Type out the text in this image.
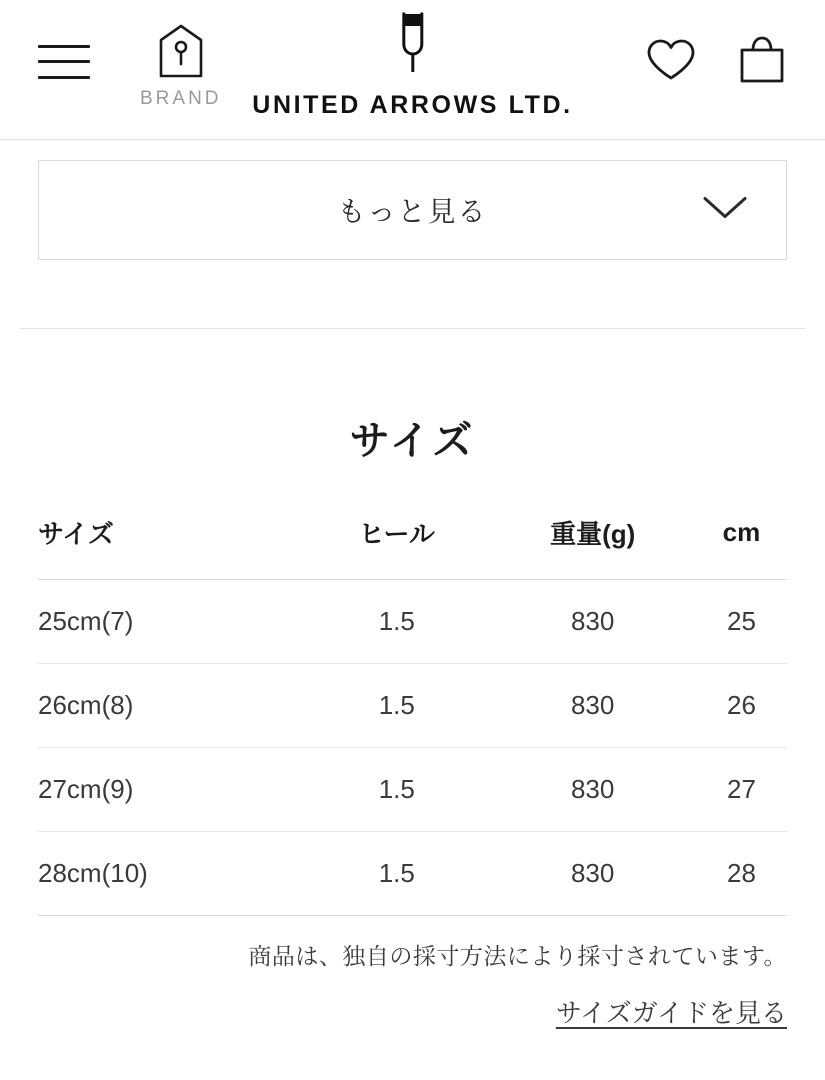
BRAND UNITED ARROWS LTD.
もっと見る
サイズ
サイズ	ヒール	重量(g)	cm
25cm(7)	1.5	830	25
26cm(8)	1.5	830	26
27cm(9)	1.5	830	27
28cm(10)	1.5	830	28
商品は、独自の採寸方法により採寸されています。
サイズガイドを見る
